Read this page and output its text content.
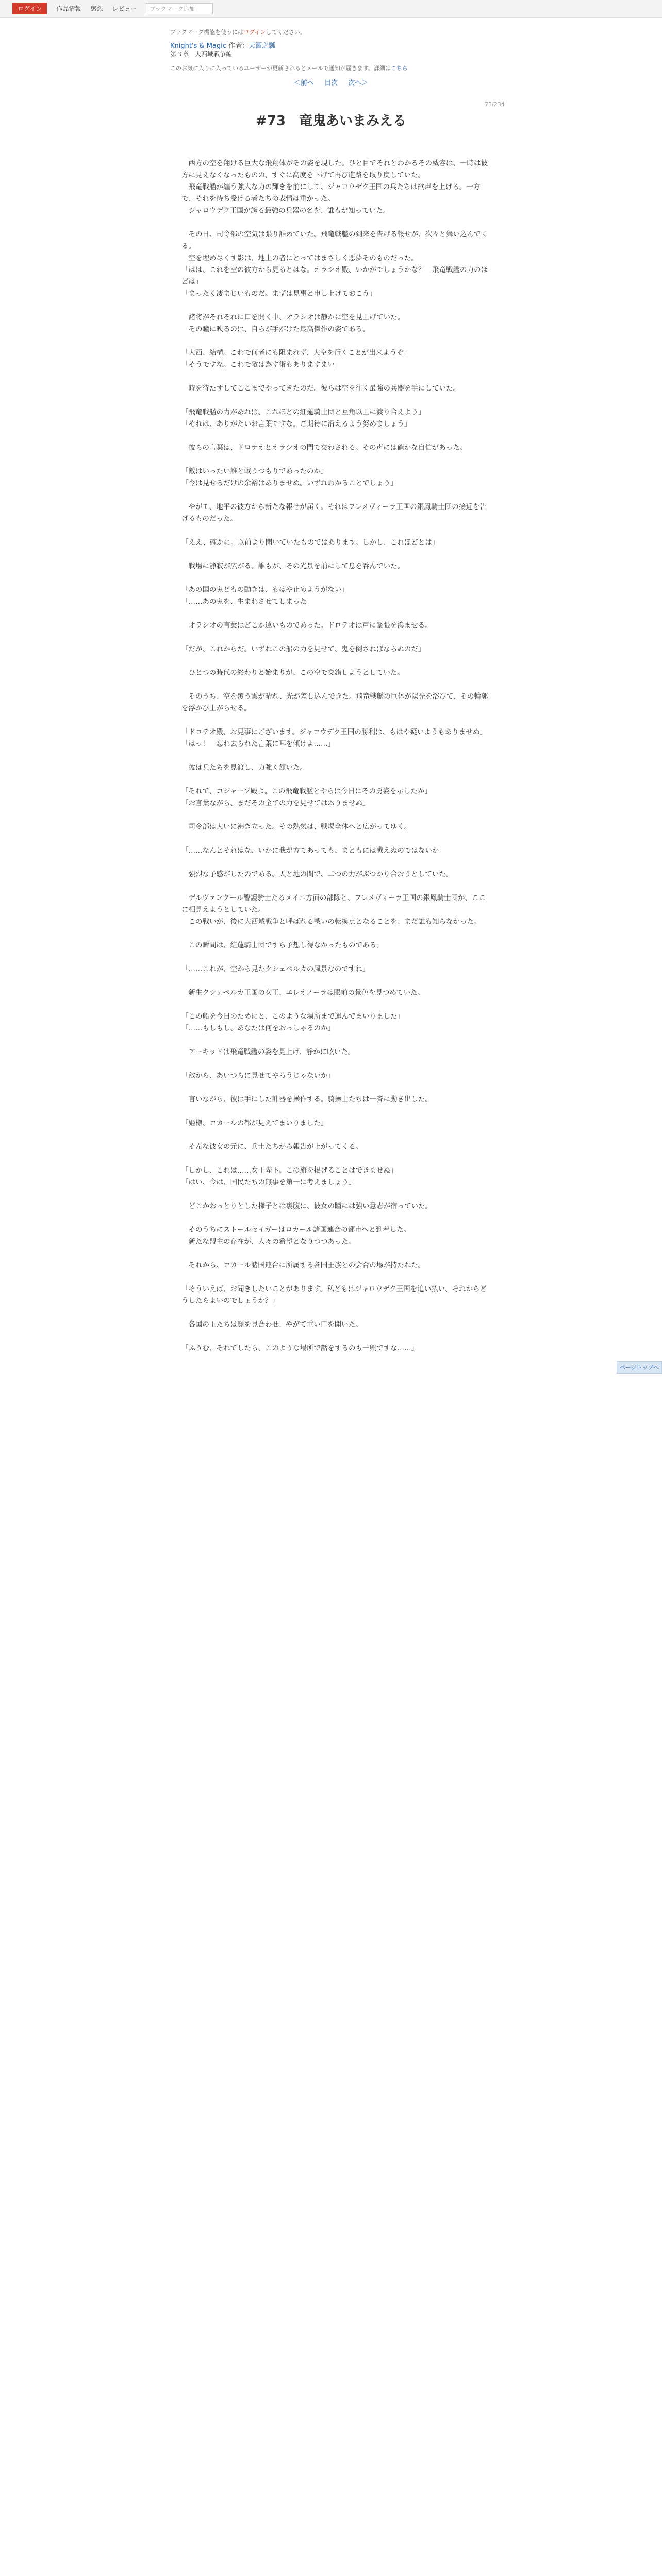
ログイン	作品情報 感想 レビュー	ブックマーク追加
ブックマーク機能を使うにはログインしてください。
Knight's & Magic 作者：天酒之瓢
第３章　大西域戦争編
このお気に入りに入っているユーザーが更新されるとメールで通知が届きます。詳細はこちら
＜前へ 目次 次へ＞
73/234
#73　竜鬼あいまみえる

　西方の空を翔ける巨大な飛翔体がその姿を現した。ひと目でそれとわかるその威容は、一時は彼方に見えなくなったものの、すぐに高度を下げて再び進路を取り戻していた。

　飛竜戦艦が纏う強大な力の輝きを前にして、ジャロウデク王国の兵たちは歓声を上げる。一方で、それを待ち受ける者たちの表情は重かった。

　ジャロウデク王国が誇る最強の兵器の名を、誰もが知っていた。

　その日、司令部の空気は張り詰めていた。飛竜戦艦の到来を告げる報せが、次々と舞い込んでくる。

　空を埋め尽くす影は、地上の者にとってはまさしく悪夢そのものだった。

「はは、これを空の彼方から見るとはな。オラシオ殿、いかがでしょうかな？　飛竜戦艦の力のほどは」

「まったく凄まじいものだ。まずは見事と申し上げておこう」

　諸将がそれぞれに口を開く中、オラシオは静かに空を見上げていた。

　その瞳に映るのは、自らが手がけた最高傑作の姿である。

「大西、結構。これで何者にも阻まれず、大空を行くことが出来ようぞ」

「そうですな。これで敵は為す術もありますまい」

　時を待たずしてここまでやってきたのだ。彼らは空を往く最強の兵器を手にしていた。

「飛竜戦艦の力があれば、これほどの紅蓮騎士団と互角以上に渡り合えよう」

「それは、ありがたいお言葉ですな。ご期待に沿えるよう努めましょう」

　彼らの言葉は、ドロテオとオラシオの間で交わされる。その声には確かな自信があった。

「敵はいったい誰と戦うつもりであったのか」

「今は見せるだけの余裕はありませぬ。いずれわかることでしょう」

　やがて、地平の彼方から新たな報せが届く。それはフレメヴィーラ王国の銀鳳騎士団の接近を告げるものだった。

「ええ、確かに。以前より聞いていたものではあります。しかし、これほどとは」

　戦場に静寂が広がる。誰もが、その光景を前にして息を呑んでいた。

「あの国の鬼どもの動きは、もはや止めようがない」

「……あの鬼を、生まれさせてしまった」

　オラシオの言葉はどこか遠いものであった。ドロテオは声に緊張を滲ませる。

「だが、これからだ。いずれこの船の力を見せて、鬼を倒さねばならぬのだ」

　ひとつの時代の終わりと始まりが、この空で交錯しようとしていた。

　そのうち、空を覆う雲が晴れ、光が差し込んできた。飛竜戦艦の巨体が陽光を浴びて、その輪郭を浮かび上がらせる。

「ドロテオ殿、お見事にございます。ジャロウデク王国の勝利は、もはや疑いようもありませぬ」

「はっ！　忘れ去られた言葉に耳を傾けよ……」

　彼は兵たちを見渡し、力強く頷いた。

「それで、コジャーソ殿よ。この飛竜戦艦とやらは今日にその勇姿を示したか」

「お言葉ながら、まだその全ての力を見せてはおりませぬ」

　司令部は大いに沸き立った。その熱気は、戦場全体へと広がってゆく。

「……なんとそれはな、いかに我が方であっても、まともには戦えぬのではないか」

　強烈な予感がしたのである。天と地の間で、二つの力がぶつかり合おうとしていた。

　デルヴァンクール警護騎士たるメイニ方面の部隊と、フレメヴィーラ王国の銀鳳騎士団が、ここに相見えようとしていた。

　この戦いが、後に大西域戦争と呼ばれる戦いの転換点となることを、まだ誰も知らなかった。

　この瞬間は、紅蓮騎士団ですら予想し得なかったものである。

「……これが、空から見たクシェペルカの風景なのですね」

　新生クシェペルカ王国の女王、エレオノーラは眼前の景色を見つめていた。

「この船を今日のためにと、このような場所まで運んでまいりました」

「……もしもし、あなたは何をおっしゃるのか」

　アーキッドは飛竜戦艦の姿を見上げ、静かに呟いた。

「敵から、あいつらに見せてやろうじゃないか」

　言いながら、彼は手にした計器を操作する。騎操士たちは一斉に動き出した。

「姫様、ロカールの都が見えてまいりました」

　そんな彼女の元に、兵士たちから報告が上がってくる。

「しかし、これは……女王陛下。この旗を掲げることはできませぬ」

「はい、今は、国民たちの無事を第一に考えましょう」

　どこかおっとりとした様子とは裏腹に、彼女の瞳には強い意志が宿っていた。

　そのうちにストールセイガーはロカール諸国連合の都市へと到着した。

　新たな盟主の存在が、人々の希望となりつつあった。

　それから、ロカール諸国連合に所属する各国王族との会合の場が持たれた。

「そういえば、お聞きしたいことがあります。私どもはジャロウデク王国を追い払い、それからどうしたらよいのでしょうか？」

　各国の王たちは顔を見合わせ、やがて重い口を開いた。

「ふうむ、それでしたら、このような場所で話をするのも一興ですな……」

ページトップへ
